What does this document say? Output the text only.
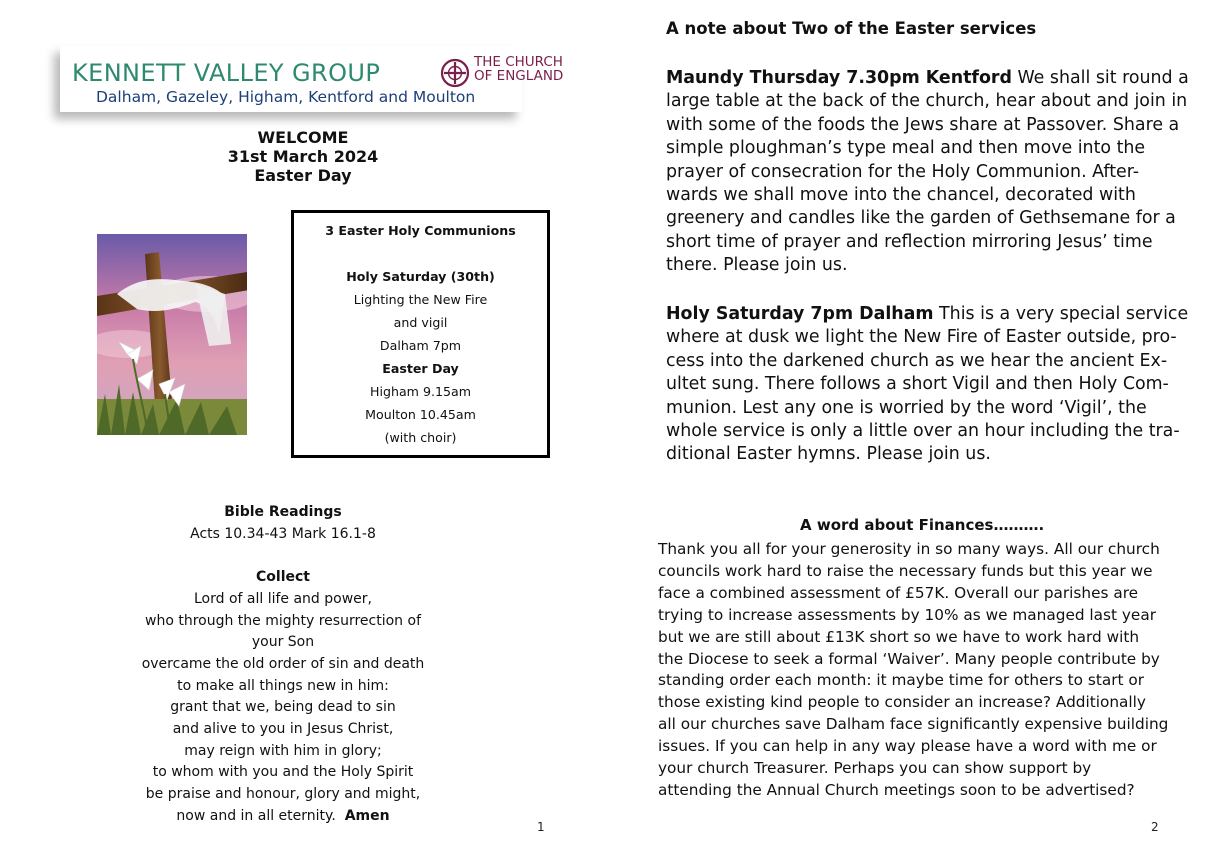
KENNETT VALLEY GROUP	THE CHURCH
OF ENGLAND
Dalham, Gazeley, Higham, Kentford and Moulton
WELCOME
31st March 2024
Easter Day
3 Easter Holy Communions

Holy Saturday (30th)
Lighting the New Fire
and vigil
Dalham 7pm
Easter Day
Higham 9.15am
Moulton 10.45am
(with choir)
Bible Readings
Acts 10.34-43 Mark 16.1-8

Collect
Lord of all life and power,
who through the mighty resurrection of
your Son
overcame the old order of sin and death
to make all things new in him:
grant that we, being dead to sin
and alive to you in Jesus Christ,
may reign with him in glory;
to whom with you and the Holy Spirit
be praise and honour, glory and might,
now and in all eternity. Amen
1
A note about Two of the Easter services
Maundy Thursday 7.30pm Kentford We shall sit round a
large table at the back of the church, hear about and join in
with some of the foods the Jews share at Passover. Share a
simple ploughman’s type meal and then move into the
prayer of consecration for the Holy Communion. After-
wards we shall move into the chancel, decorated with
greenery and candles like the garden of Gethsemane for a
short time of prayer and reflection mirroring Jesus’ time
there. Please join us.
Holy Saturday 7pm Dalham This is a very special service
where at dusk we light the New Fire of Easter outside, pro-
cess into the darkened church as we hear the ancient Ex-
ultet sung. There follows a short Vigil and then Holy Com-
munion. Lest any one is worried by the word ‘Vigil’, the
whole service is only a little over an hour including the tra-
ditional Easter hymns. Please join us.
A word about Finances……….
Thank you all for your generosity in so many ways. All our church
councils work hard to raise the necessary funds but this year we
face a combined assessment of £57K. Overall our parishes are
trying to increase assessments by 10% as we managed last year
but we are still about £13K short so we have to work hard with
the Diocese to seek a formal ‘Waiver’. Many people contribute by
standing order each month: it maybe time for others to start or
those existing kind people to consider an increase? Additionally
all our churches save Dalham face significantly expensive building
issues. If you can help in any way please have a word with me or
your church Treasurer. Perhaps you can show support by
attending the Annual Church meetings soon to be advertised?
2
